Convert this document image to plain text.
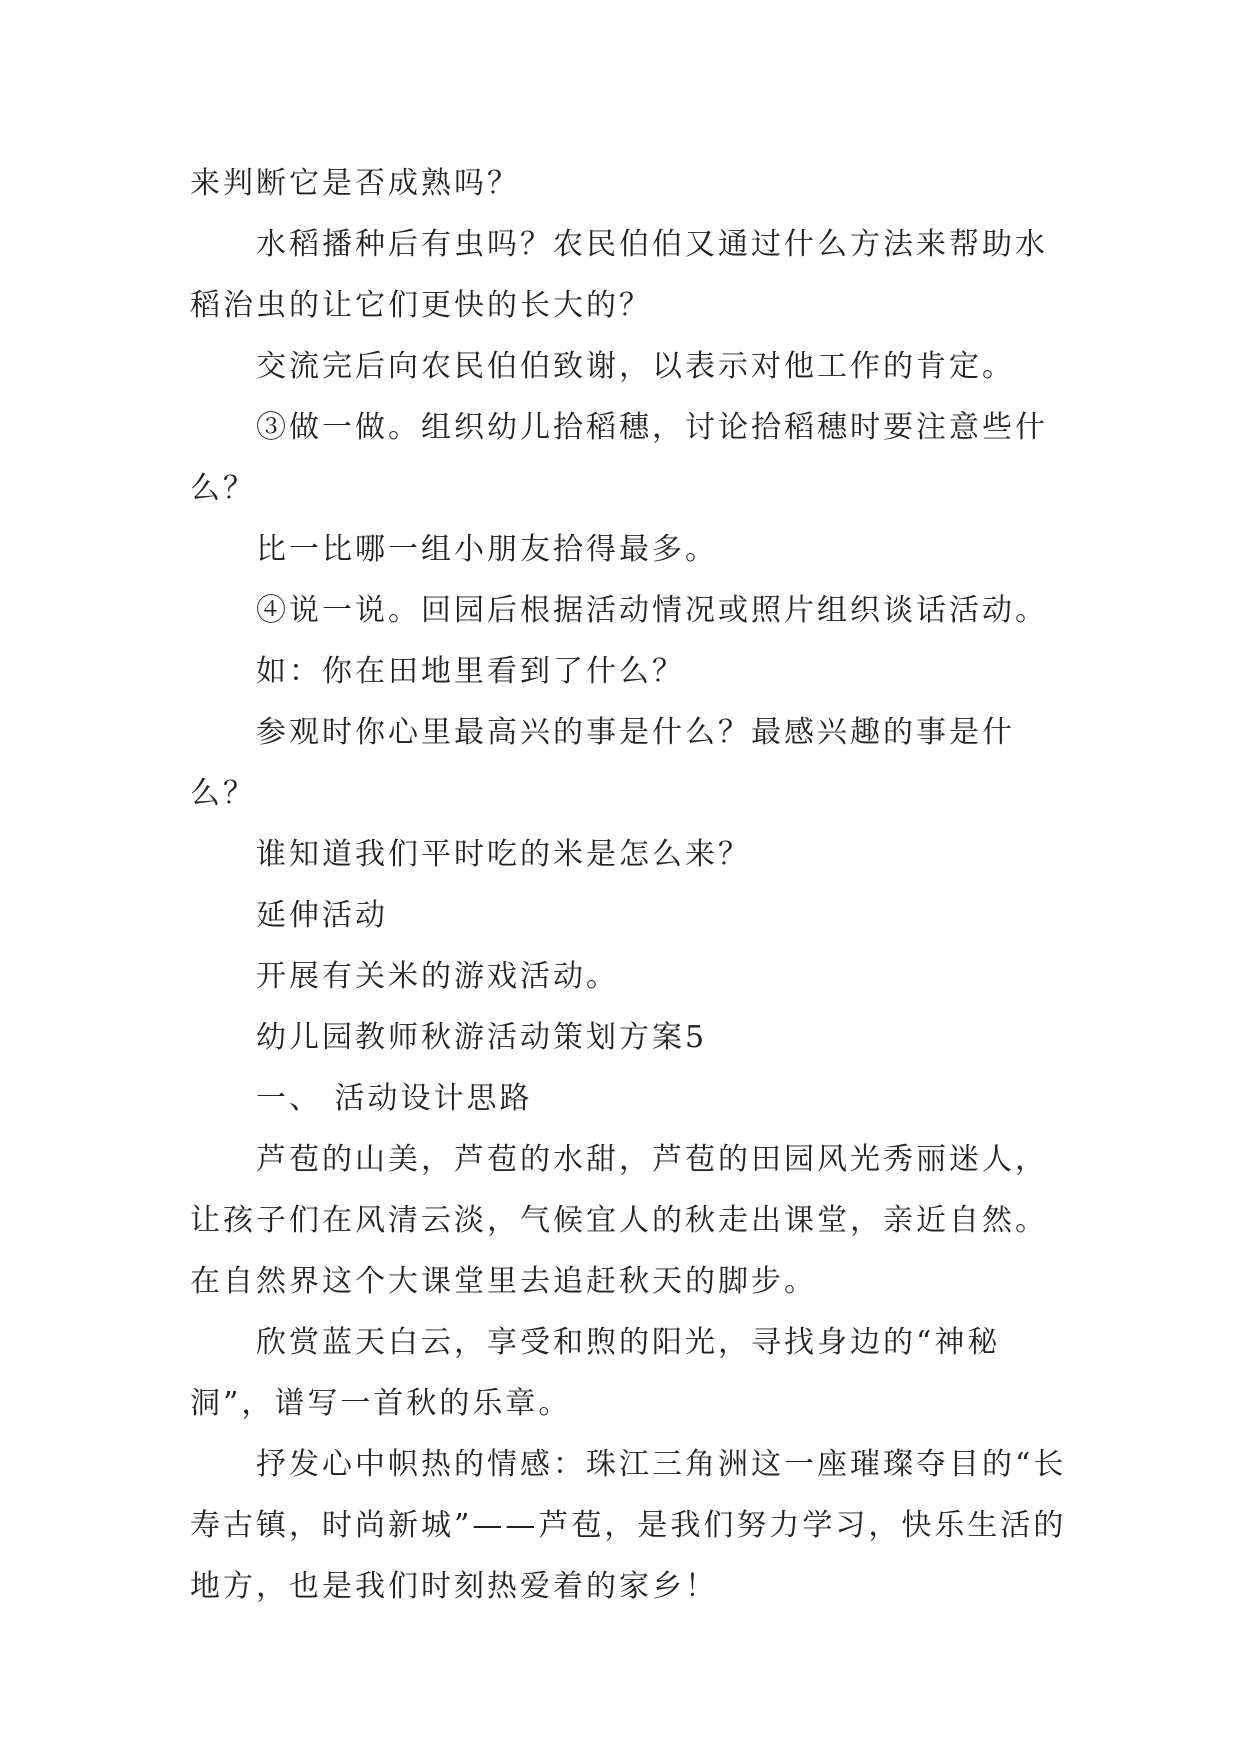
来判断它是否成熟吗？

水稻播种后有虫吗？农民伯伯又通过什么方法来帮助水稻治虫的让它们更快的长大的？

交流完后向农民伯伯致谢，以表示对他工作的肯定。

③做一做。组织幼儿拾稻穗，讨论拾稻穗时要注意些什么？

比一比哪一组小朋友拾得最多。

④说一说。回园后根据活动情况或照片组织谈话活动。

如：你在田地里看到了什么？

参观时你心里最高兴的事是什么？最感兴趣的事是什么？

谁知道我们平时吃的米是怎么来？

延伸活动

开展有关米的游戏活动。

幼儿园教师秋游活动策划方案5

一、 活动设计思路

芦苞的山美，芦苞的水甜，芦苞的田园风光秀丽迷人，让孩子们在风清云淡，气候宜人的秋走出课堂，亲近自然。在自然界这个大课堂里去追赶秋天的脚步。

欣赏蓝天白云，享受和煦的阳光，寻找身边的“神秘洞”，谱写一首秋的乐章。

抒发心中帜热的情感：珠江三角洲这一座璀璨夺目的“长寿古镇，时尚新城”——芦苞，是我们努力学习，快乐生活的地方，也是我们时刻热爱着的家乡！
